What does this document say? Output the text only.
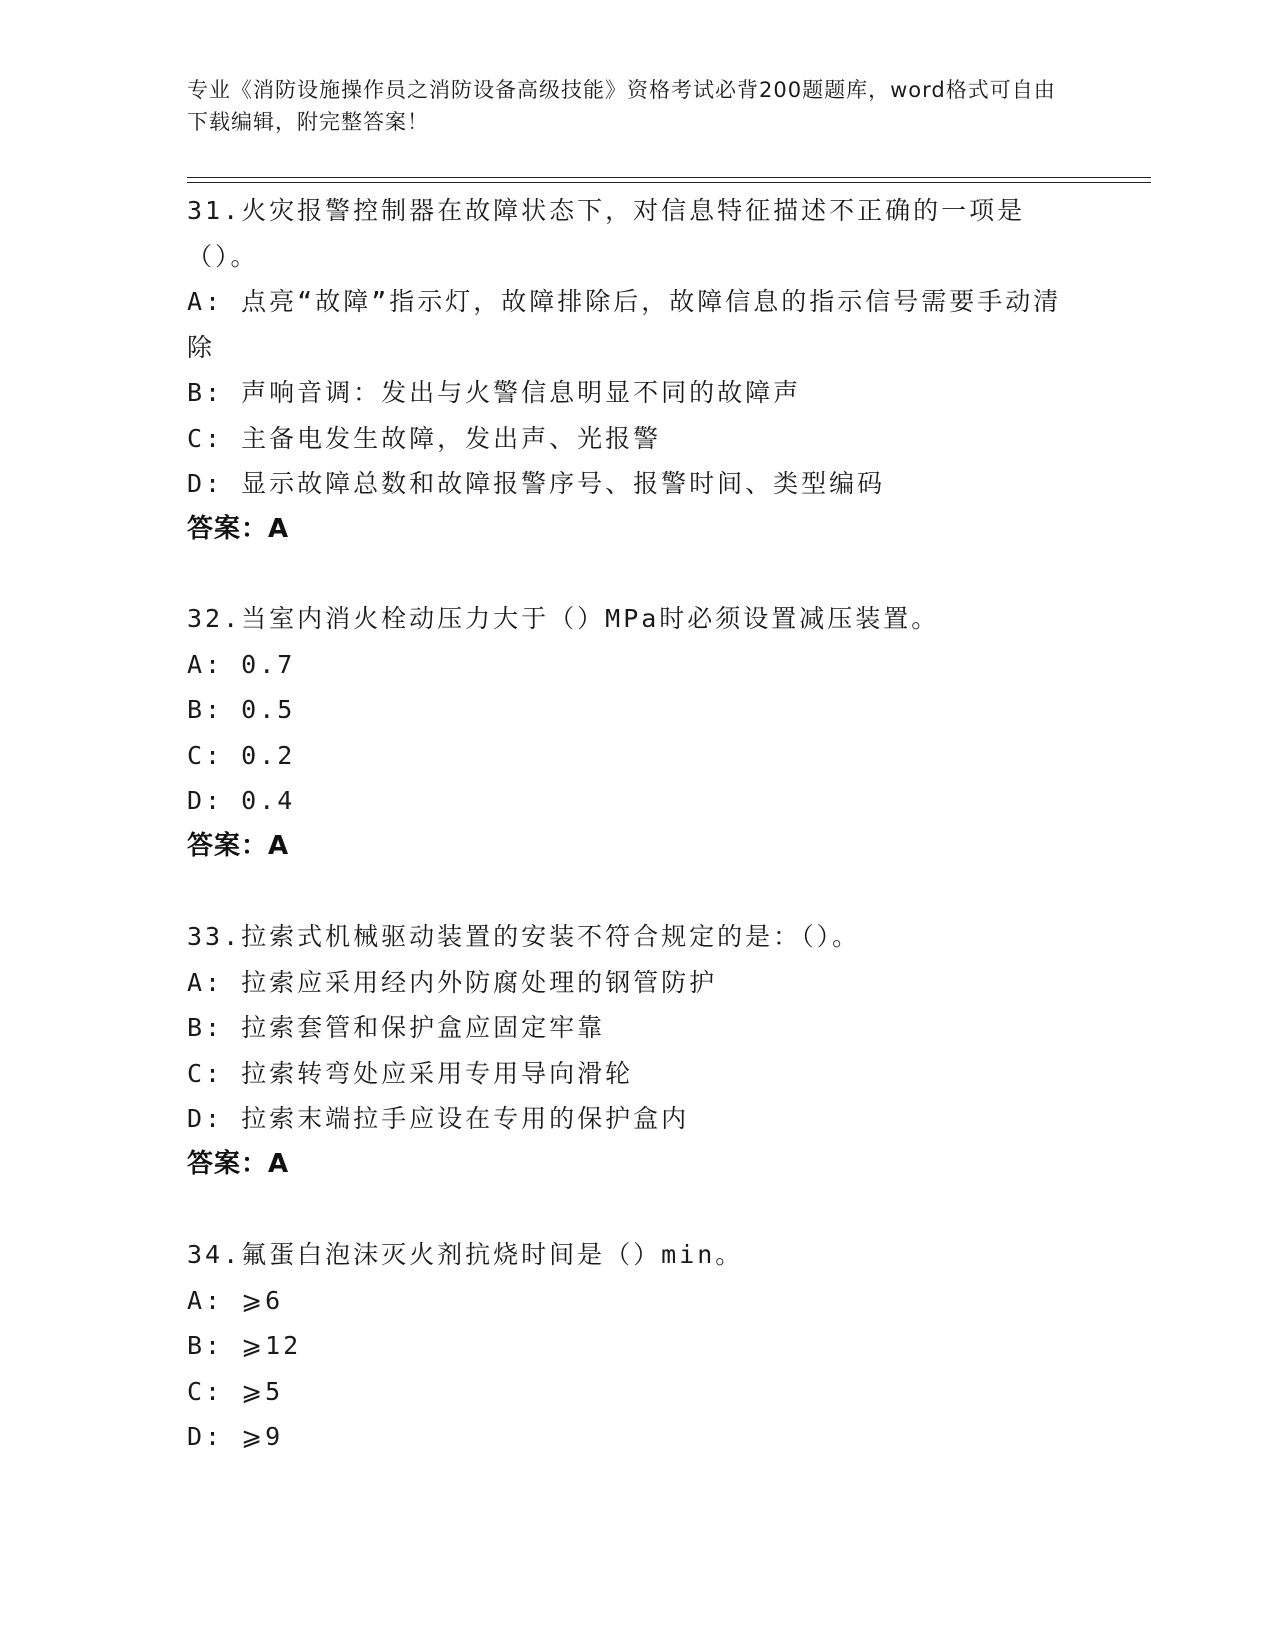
专业《消防设施操作员之消防设备高级技能》资格考试必背200题题库，word格式可自由下载编辑，附完整答案！
31.火灾报警控制器在故障状态下，对信息特征描述不正确的一项是（）。
A: 点亮“故障”指示灯，故障排除后，故障信息的指示信号需要手动清除
B: 声响音调：发出与火警信息明显不同的故障声
C: 主备电发生故障，发出声、光报警
D: 显示故障总数和故障报警序号、报警时间、类型编码
答案：A
32.当室内消火栓动压力大于（）MPa时必须设置减压装置。
A: 0.7
B: 0.5
C: 0.2
D: 0.4
答案：A
33.拉索式机械驱动装置的安装不符合规定的是：（）。
A: 拉索应采用经内外防腐处理的钢管防护
B: 拉索套管和保护盒应固定牢靠
C: 拉索转弯处应采用专用导向滑轮
D: 拉索末端拉手应设在专用的保护盒内
答案：A
34.氟蛋白泡沫灭火剂抗烧时间是（）min。
A: ⩾6
B: ⩾12
C: ⩾5
D: ⩾9
